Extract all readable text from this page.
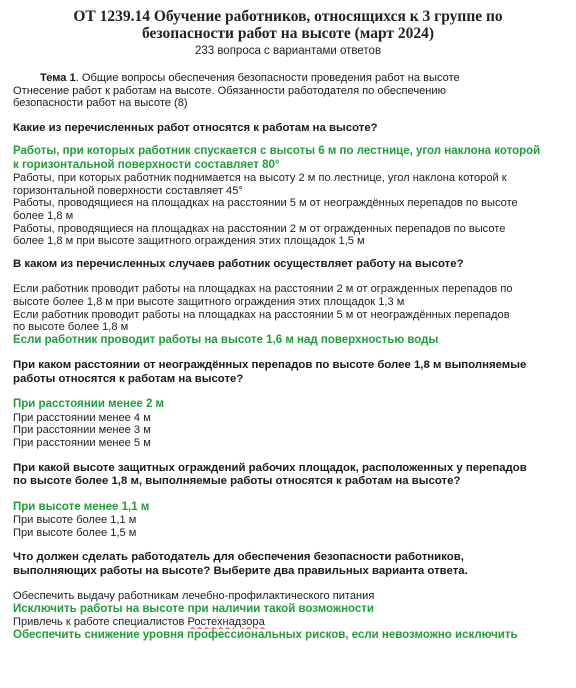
ОТ 1239.14 Обучение работников, относящихся к 3 группе по
безопасности работ на высоте (март 2024)
233 вопроса с вариантами ответов
Тема 1. Общие вопросы обеспечения безопасности проведения работ на высоте
Отнесение работ к работам на высоте. Обязанности работодателя по обеспечению
безопасности работ на высоте (8)
Какие из перечисленных работ относятся к работам на высоте?
Работы, при которых работник спускается с высоты 6 м по лестнице, угол наклона которой
к горизонтальной поверхности составляет 80°
Работы, при которых работник поднимается на высоту 2 м по лестнице, угол наклона которой к
горизонтальной поверхности составляет 45°
Работы, проводящиеся на площадках на расстоянии 5 м от неограждённых перепадов по высоте
более 1,8 м
Работы, проводящиеся на площадках на расстоянии 2 м от огражденных перепадов по высоте
более 1,8 м при высоте защитного ограждения этих площадок 1,5 м
В каком из перечисленных случаев работник осуществляет работу на высоте?
Если работник проводит работы на площадках на расстоянии 2 м от огражденных перепадов по
высоте более 1,8 м при высоте защитного ограждения этих площадок 1,3 м
Если работник проводит работы на площадках на расстоянии 5 м от неограждённых перепадов
по высоте более 1,8 м
Если работник проводит работы на высоте 1,6 м над поверхностью воды
При каком расстоянии от неограждённых перепадов по высоте более 1,8 м выполняемые
работы относятся к работам на высоте?
При расстоянии менее 2 м
При расстоянии менее 4 м
При расстоянии менее 3 м
При расстоянии менее 5 м
При какой высоте защитных ограждений рабочих площадок, расположенных у перепадов
по высоте более 1,8 м, выполняемые работы относятся к работам на высоте?
При высоте менее 1,1 м
При высоте более 1,1 м
При высоте более 1,5 м
Что должен сделать работодатель для обеспечения безопасности работников,
выполняющих работы на высоте? Выберите два правильных варианта ответа.
Обеспечить выдачу работникам лечебно-профилактического питания
Исключить работы на высоте при наличии такой возможности
Привлечь к работе специалистов Ростехнадзора
Обеспечить снижение уровня профессиональных рисков, если невозможно исключить
